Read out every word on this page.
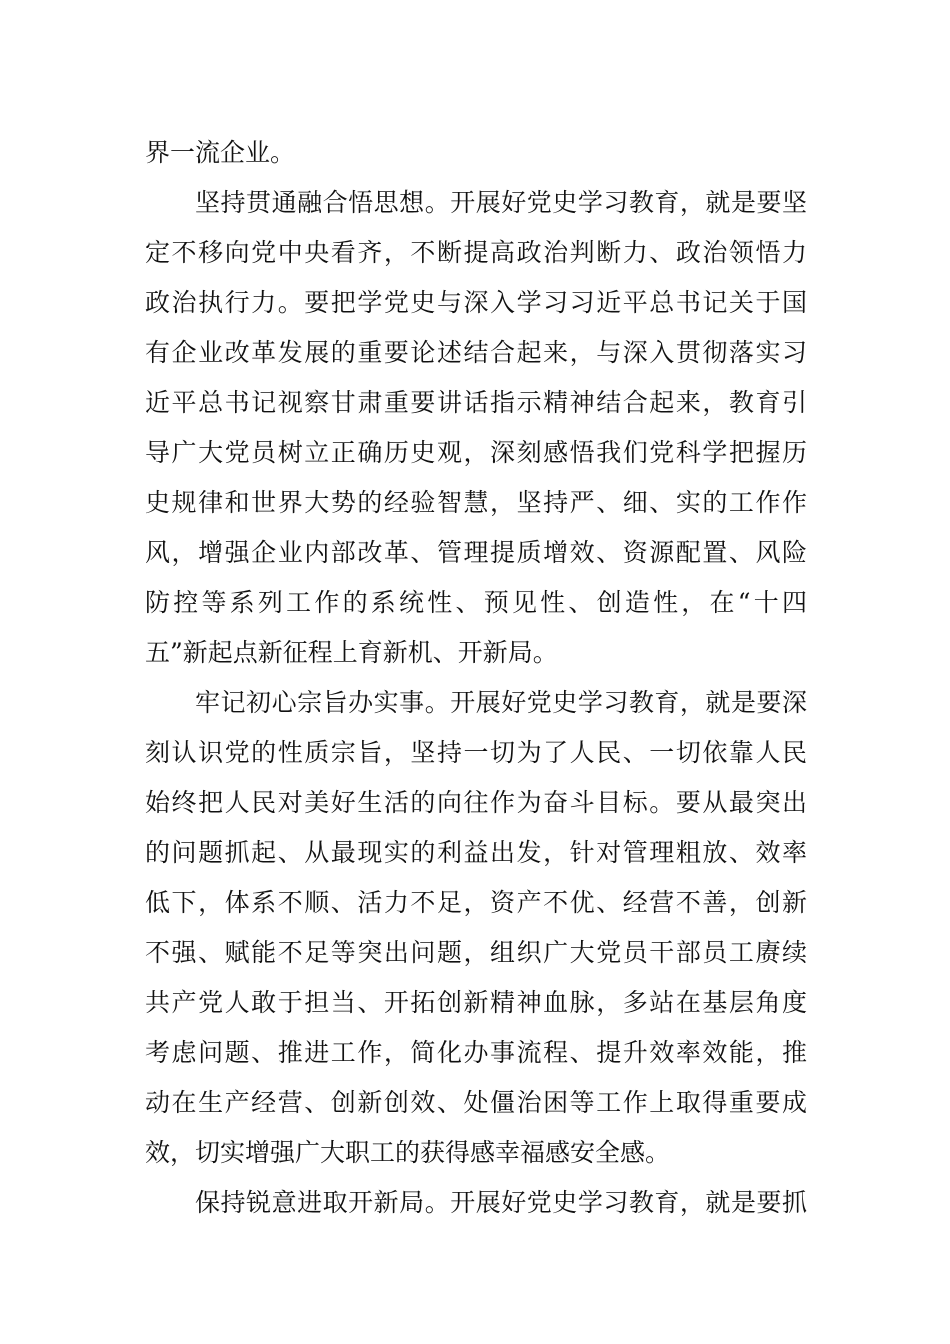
界一流企业。
坚持贯通融合悟思想。开展好党史学习教育，就是要坚
定不移向党中央看齐，不断提高政治判断力、政治领悟力
政治执行力。要把学党史与深入学习习近平总书记关于国
有企业改革发展的重要论述结合起来，与深入贯彻落实习
近平总书记视察甘肃重要讲话指示精神结合起来，教育引
导广大党员树立正确历史观，深刻感悟我们党科学把握历
史规律和世界大势的经验智慧，坚持严、细、实的工作作
风，增强企业内部改革、管理提质增效、资源配置、风险
防控等系列工作的系统性、预见性、创造性，在“十四
五”新起点新征程上育新机、开新局。
牢记初心宗旨办实事。开展好党史学习教育，就是要深
刻认识党的性质宗旨，坚持一切为了人民、一切依靠人民
始终把人民对美好生活的向往作为奋斗目标。要从最突出
的问题抓起、从最现实的利益出发，针对管理粗放、效率
低下，体系不顺、活力不足，资产不优、经营不善，创新
不强、赋能不足等突出问题，组织广大党员干部员工赓续
共产党人敢于担当、开拓创新精神血脉，多站在基层角度
考虑问题、推进工作，简化办事流程、提升效率效能，推
动在生产经营、创新创效、处僵治困等工作上取得重要成
效，切实增强广大职工的获得感幸福感安全感。
保持锐意进取开新局。开展好党史学习教育，就是要抓
